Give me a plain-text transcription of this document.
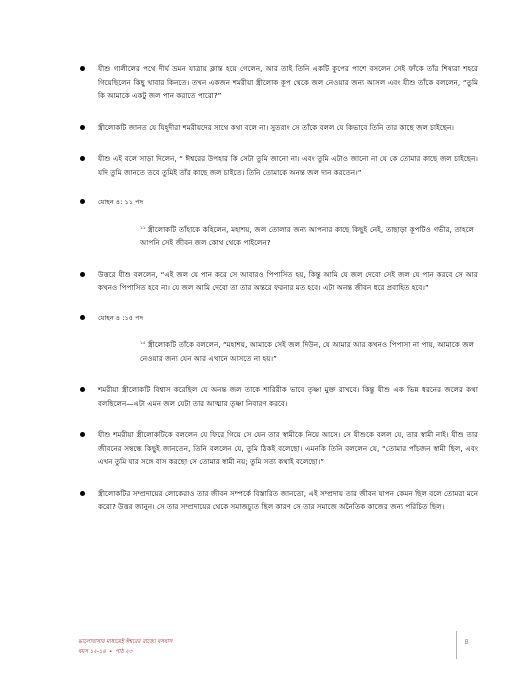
যীশু গালীলের পথে দীর্ঘ ভ্রমন যাত্রায় ক্লান্ত হয়ে গেলেন, আর তাই তিনি একটি কুপের পাশে বসলেন সেই ফাঁকে তাঁর শিষ্যরা শহরে গিয়েছিলেন কিছু খাবার কিনতে। তখন একজন শমরীয়া স্ত্রীলোক কূপ থেকে জল নেওয়ার জন্য আসল এবং যীশু তাঁকে বললেন, “তুমি কি আমাকে একটু জল পান করাতে পারো?”
স্ত্রীলোকটি জানত যে যিহূদীরা শমরীয়দের সাথে কথা বলে না। সুতরাং সে তাঁকে বলল যে কিভাবে তিনি তার কাছে জল চাইছেন।
যীশু এই বলে সাড়া দিলেন, “ ঈশ্বরের উপহার কি সেটা তুমি জানো না। এবং তুমি এটাও জানো না যে কে তোমার কাছে জল চাইছেন। যদি তুমি জানতে তবে তুমিই তাঁর কাছে জল চাইতে। তিনি তোমাকে অনন্ত জল দান করতেন।”
যোহন ৪: ১১ পদ
$^{১১}$ স্ত্রীলোকটি তাঁহাকে কহিলেন, মহাশয়, জল তোলার জন্য আপনার কাছে কিছুই নেই, তাছাড়া কূপটিও গভীর, তাহলে আপনি সেই জীবন জল কোথ থেকে পাইলেন?
উত্তরে যীশু বললেন, “এই জল যে পান করে সে আবারও পিপাসিত হয়, কিন্তু আমি যে জল দেবো সেই জল যে পান করবে সে আর কখনও পিপাসিত হবে না। যে জল আমি দেবো তা তার অন্তরে ফরনার মত হবে। এটা অনন্ত জীবন ধরে প্রবাহিত হবে।”
যোহন ৪ :১৫ পদ
$^{১৫}$ স্ত্রীলোকটি তাঁকে বললেন, “মহাশয়, আমাকে সেই জল দিউন, যে আমার আর কখনও পিপাসা না পায়, আমাকে জল নেওয়ার জন্য যেন আর এখানে আসতে না হয়।”
শমরীয়া স্ত্রীলোকটি বিশ্বাস করেছিল যে অনন্ত জল তাকে শারিরীক ভাবে তৃষ্ণা মুক্ত রাখবে। কিন্তু যীশু এক ভিন্ন ধরনের জলের কথা বলছিলেন—এটা এমন জল যেটা তার আত্মার তৃষ্ণা নিবারণ করবে।
যীশু শমরীয়া স্ত্রীলোকটিকে বললেন যে ফিরে গিয়ে সে যেন তার স্বামীকে নিয়ে আসে। সে যীশুকে বলল যে, তার স্বামী নাই। যীশু তার জীবনের সম্বন্ধে কিছুই জানতেন, তিনি বললেন যে, তুমি ঠিকই বলেছো। এমনকি তিনি বললেন যে, “তোমার পাঁচজন স্বামী ছিল, এবং এখন তুমি যার সঙ্গে বাস করছো সে তোমার স্বামী নয়; তুমি সত্য কথাই বলেছো।”
স্ত্রীলোকটির সম্প্রদায়ের লোকেরাও তার জীবন সম্পর্কে বিস্তারিত জানতো, এই সম্প্রদায় তার জীবন যাপন কেমন ছিল বলে তোমরা মনে করো? উত্তর জানুন। সে তার সম্প্রদায়ের থেকে সমাজচ্যুত ছিল কারণ সে তার সমাজে অনৈতিক কাজের জন্য পরিচিত ছিল।
ভালোবাসার মাধ্যমেই ঈশ্বরের রাজ্যে বসবাস
বয়স ১২-১৪ • পাঠ ২৩
৪
